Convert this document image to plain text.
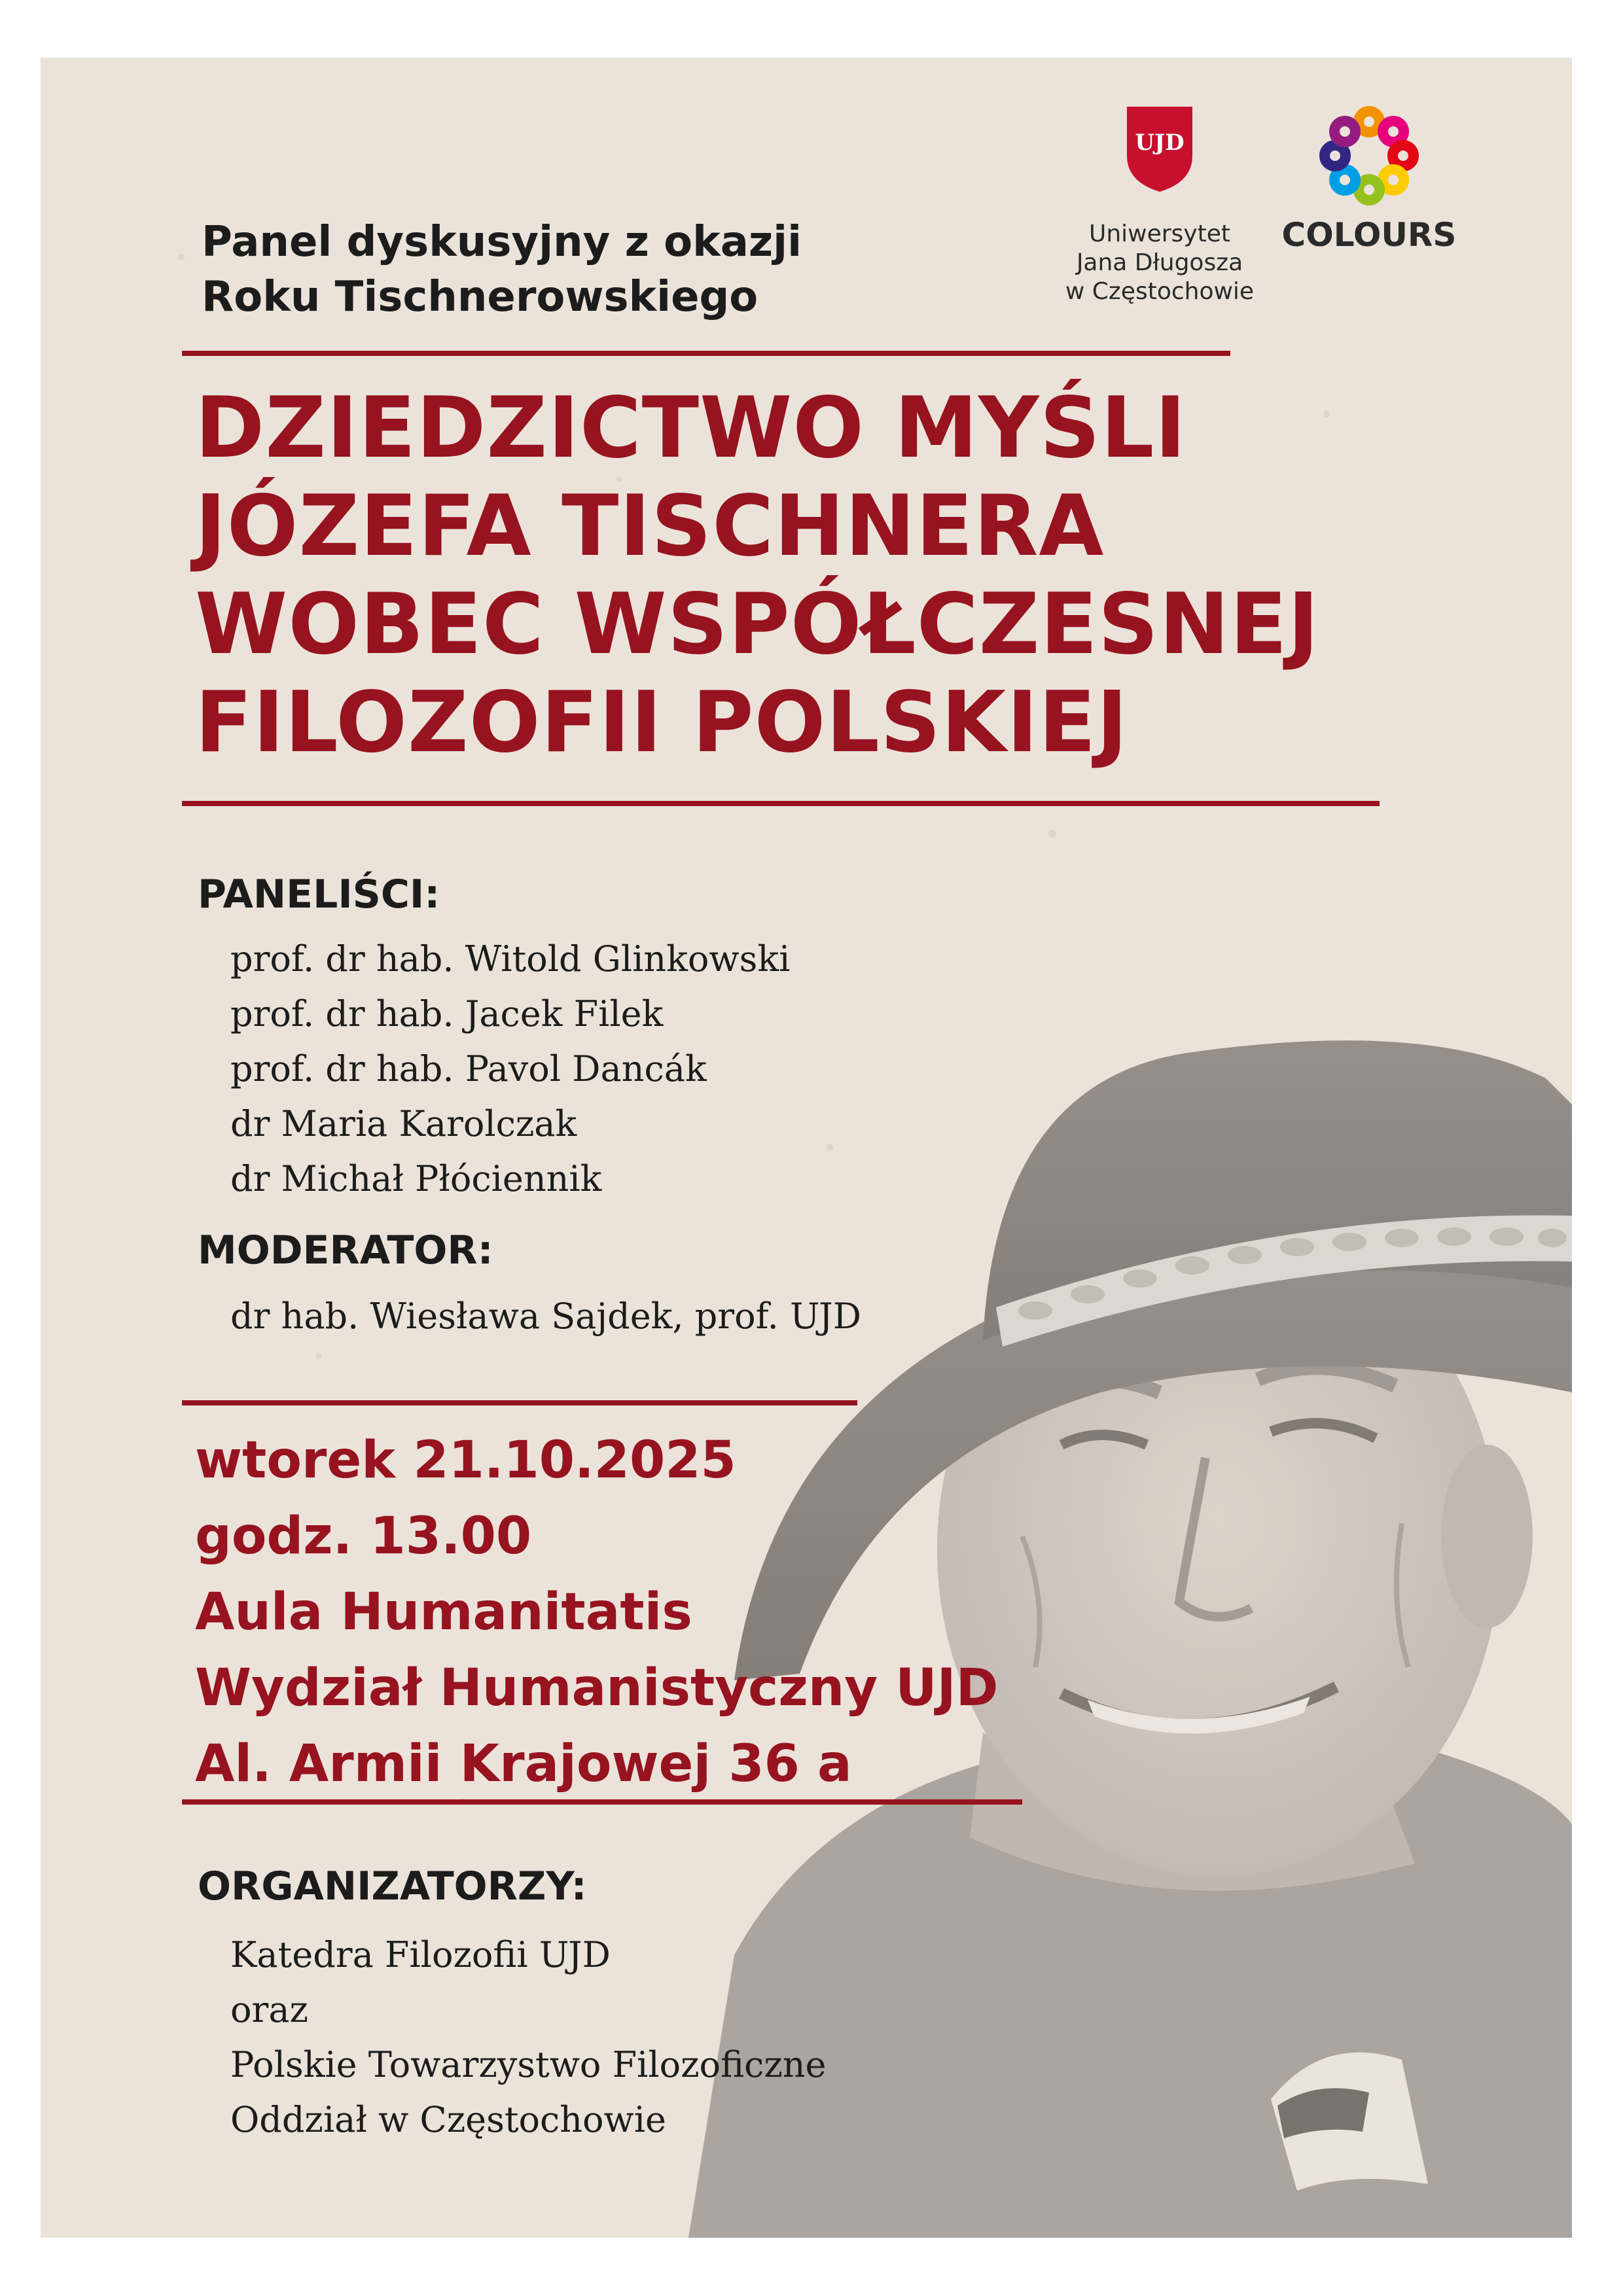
Panel dyskusyjny z okazji
Roku Tischnerowskiego
UJD
Uniwersytet
Jana Długosza
w Częstochowie
COLOURS
DZIEDZICTWO MYŚLI
JÓZEFA TISCHNERA
WOBEC WSPÓŁCZESNEJ
FILOZOFII POLSKIEJ
PANELIŚCI:
prof. dr hab. Witold Glinkowski
prof. dr hab. Jacek Filek
prof. dr hab. Pavol Dancák
dr Maria Karolczak
dr Michał Płóciennik
MODERATOR:
dr hab. Wiesława Sajdek, prof. UJD
wtorek 21.10.2025
godz. 13.00
Aula Humanitatis
Wydział Humanistyczny UJD
Al. Armii Krajowej 36 a
ORGANIZATORZY:
Katedra Filozofii UJD
oraz
Polskie Towarzystwo Filozoficzne
Oddział w Częstochowie
